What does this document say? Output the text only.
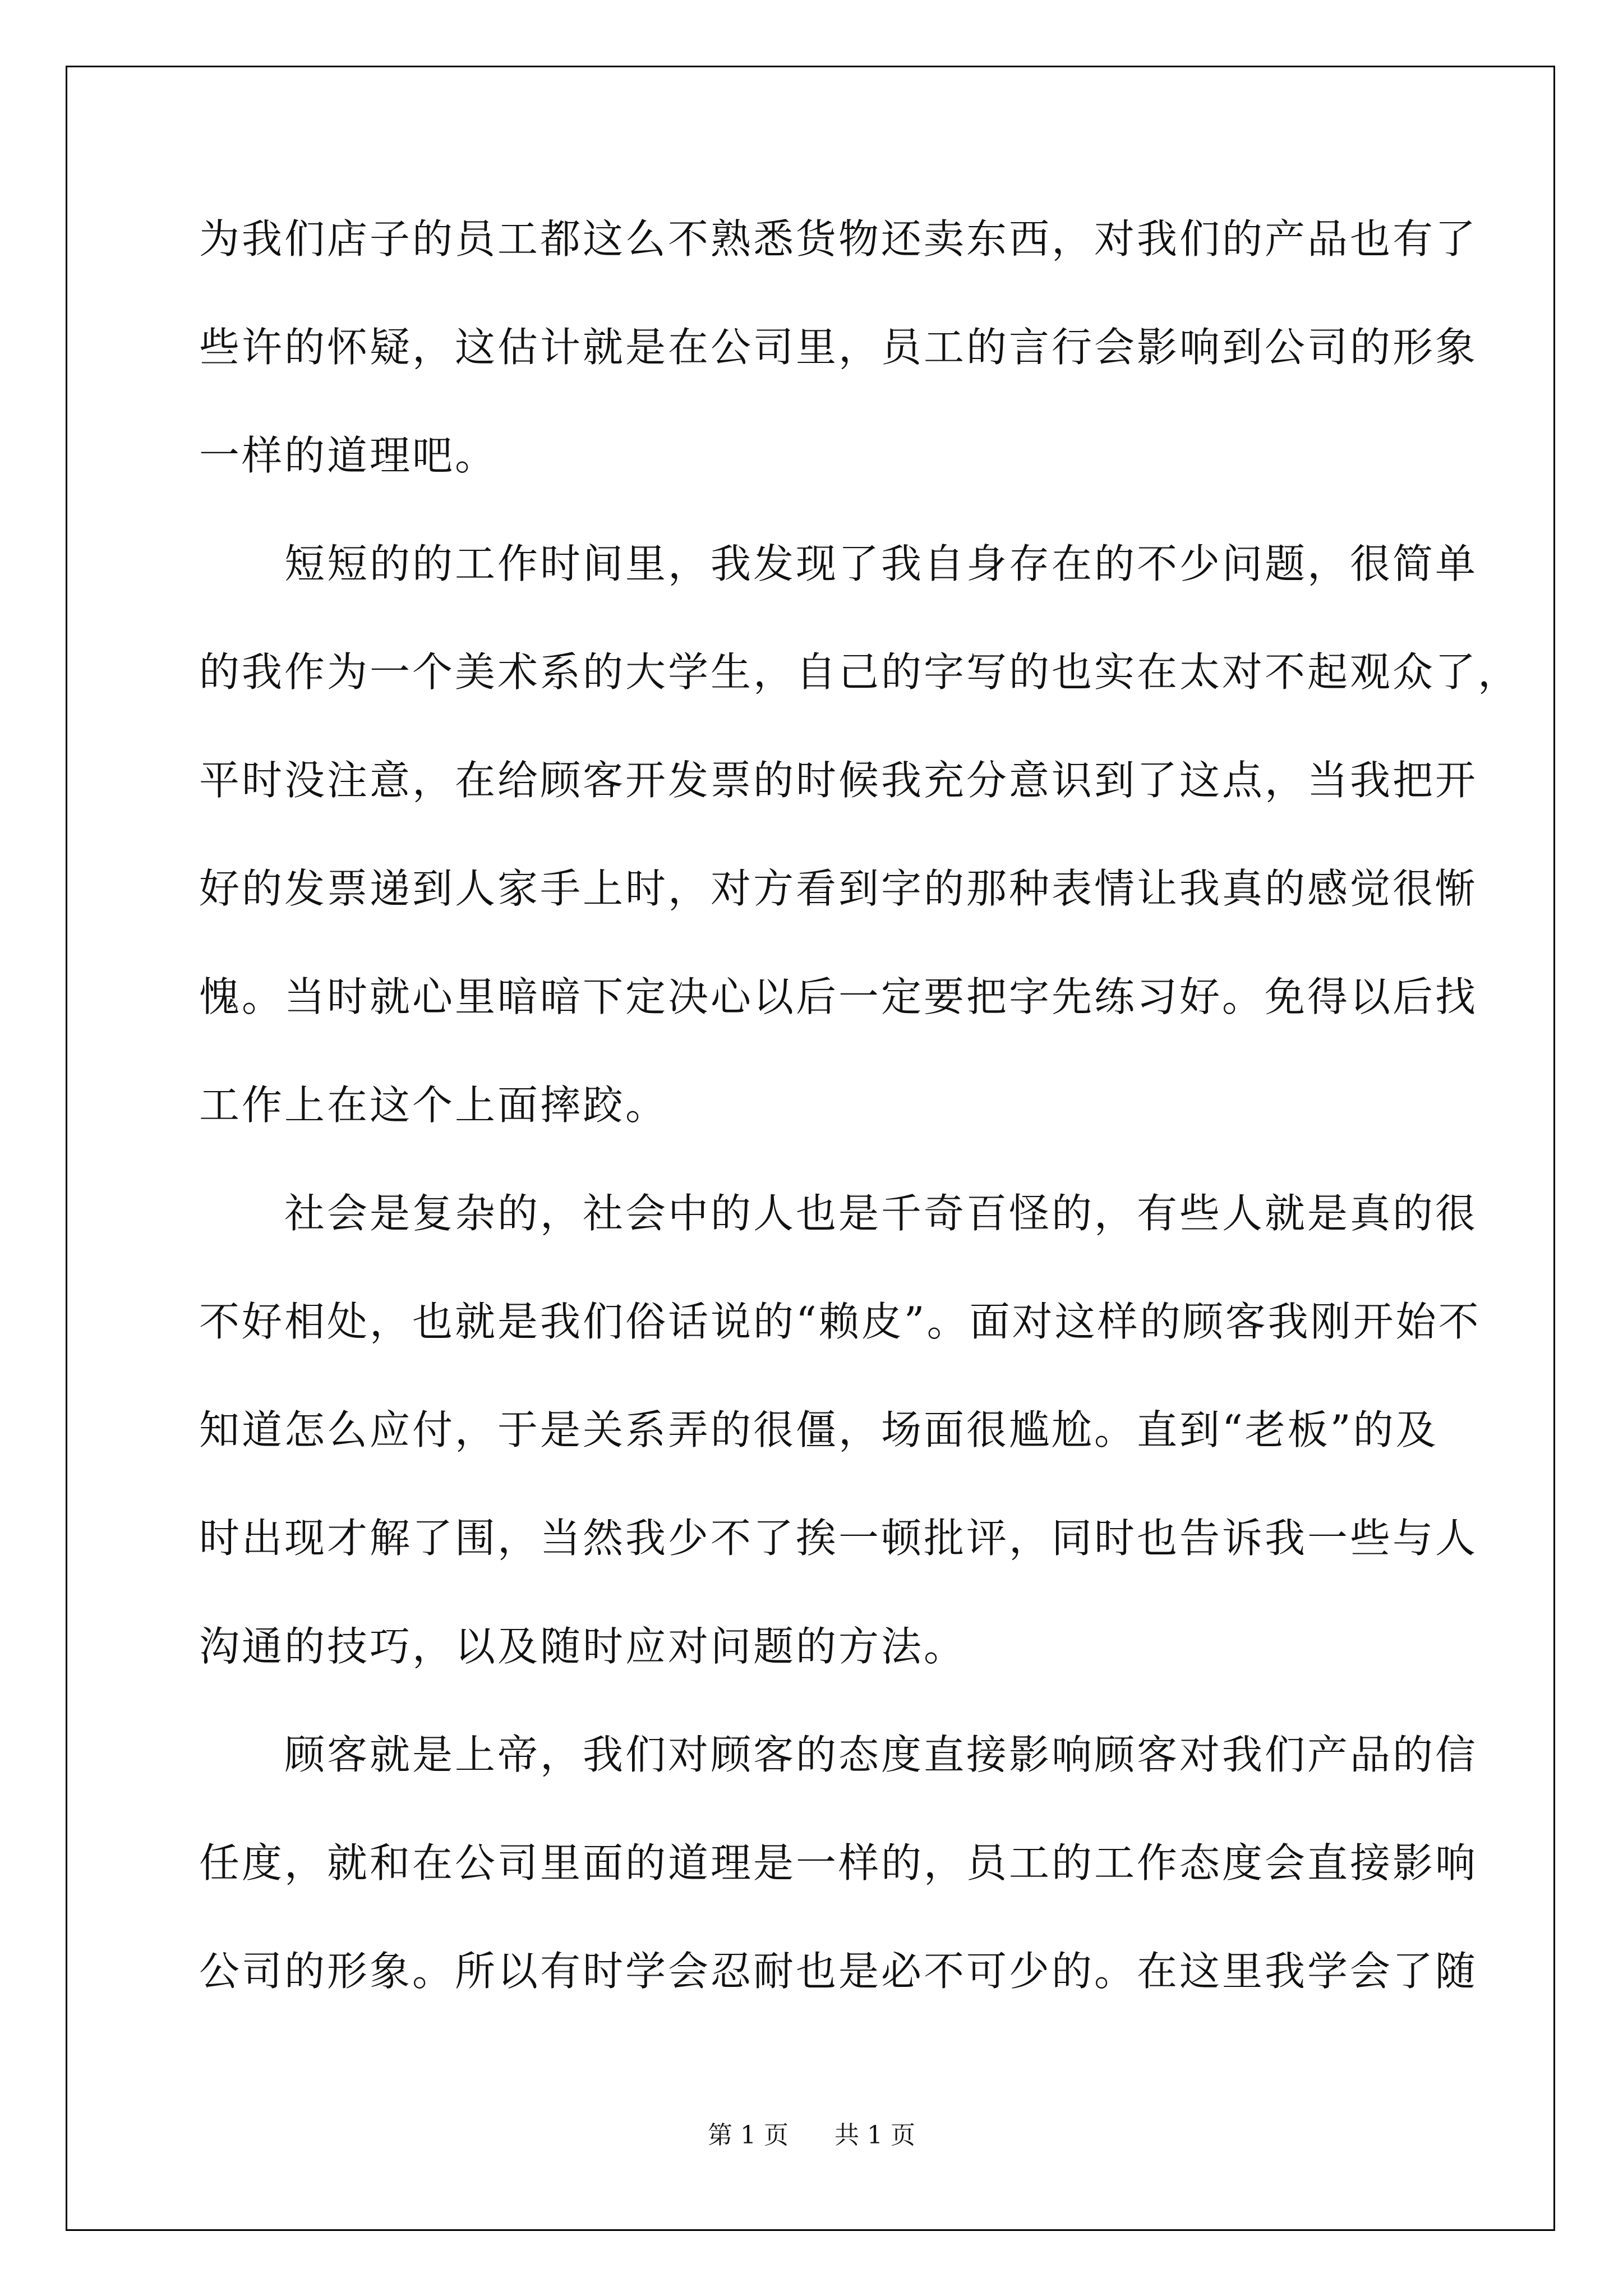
为我们店子的员工都这么不熟悉货物还卖东西，对我们的产品也有了
些许的怀疑，这估计就是在公司里，员工的言行会影响到公司的形象
一样的道理吧。
　　短短的的工作时间里，我发现了我自身存在的不少问题，很简单
的我作为一个美术系的大学生，自己的字写的也实在太对不起观众了，
平时没注意，在给顾客开发票的时候我充分意识到了这点，当我把开
好的发票递到人家手上时，对方看到字的那种表情让我真的感觉很惭
愧。当时就心里暗暗下定决心以后一定要把字先练习好。免得以后找
工作上在这个上面摔跤。
　　社会是复杂的，社会中的人也是千奇百怪的，有些人就是真的很
不好相处，也就是我们俗话说的“赖皮”。面对这样的顾客我刚开始不
知道怎么应付，于是关系弄的很僵，场面很尴尬。直到“老板”的及
时出现才解了围，当然我少不了挨一顿批评，同时也告诉我一些与人
沟通的技巧，以及随时应对问题的方法。
　　顾客就是上帝，我们对顾客的态度直接影响顾客对我们产品的信
任度，就和在公司里面的道理是一样的，员工的工作态度会直接影响
公司的形象。所以有时学会忍耐也是必不可少的。在这里我学会了随
第 1 页 共 1 页
